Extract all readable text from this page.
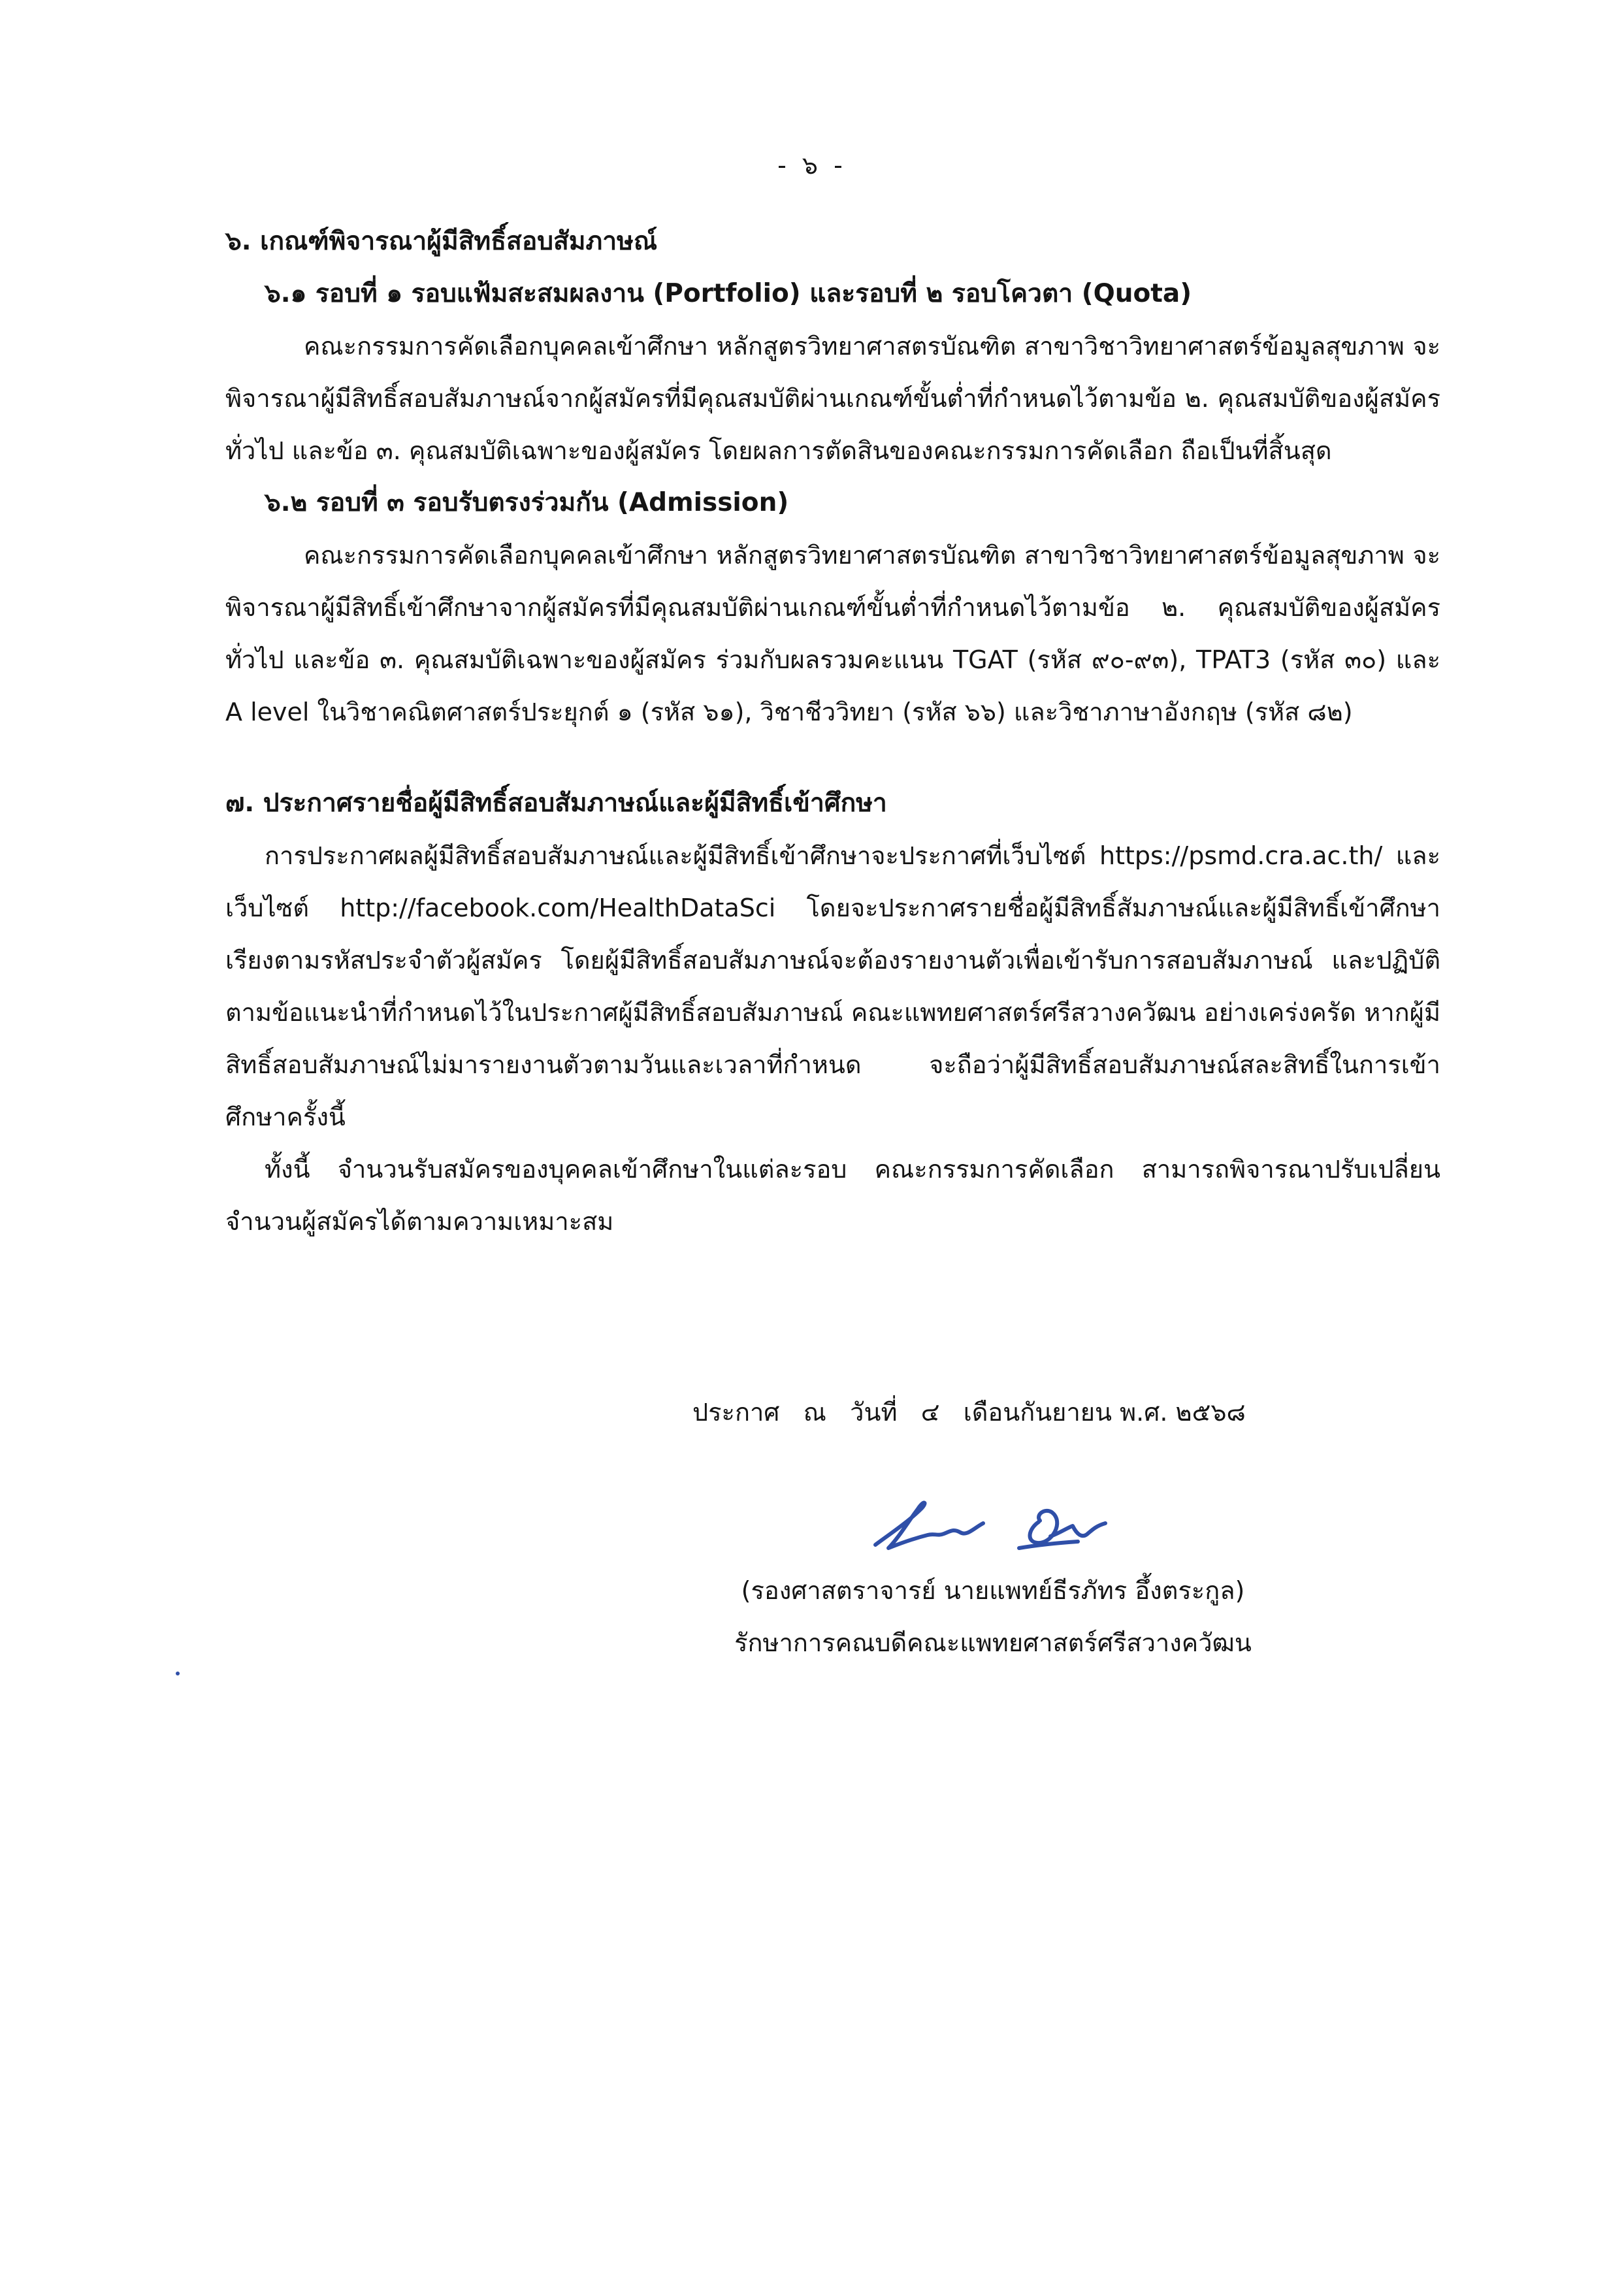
- ๖ -

๖. เกณฑ์พิจารณาผู้มีสิทธิ์สอบสัมภาษณ์

๖.๑ รอบที่ ๑ รอบแฟ้มสะสมผลงาน (Portfolio) และรอบที่ ๒ รอบโควตา (Quota)

คณะกรรมการคัดเลือกบุคคลเข้าศึกษา หลักสูตรวิทยาศาสตรบัณฑิต สาขาวิชาวิทยาศาสตร์ข้อมูลสุขภาพ จะพิจารณาผู้มีสิทธิ์สอบสัมภาษณ์จากผู้สมัครที่มีคุณสมบัติผ่านเกณฑ์ขั้นต่ำที่กำหนดไว้ตามข้อ ๒. คุณสมบัติของผู้สมัครทั่วไป และข้อ ๓. คุณสมบัติเฉพาะของผู้สมัคร โดยผลการตัดสินของคณะกรรมการคัดเลือก ถือเป็นที่สิ้นสุด

๖.๒ รอบที่ ๓ รอบรับตรงร่วมกัน (Admission)

คณะกรรมการคัดเลือกบุคคลเข้าศึกษา หลักสูตรวิทยาศาสตรบัณฑิต สาขาวิชาวิทยาศาสตร์ข้อมูลสุขภาพ จะพิจารณาผู้มีสิทธิ์เข้าศึกษาจากผู้สมัครที่มีคุณสมบัติผ่านเกณฑ์ขั้นต่ำที่กำหนดไว้ตามข้อ ๒. คุณสมบัติของผู้สมัครทั่วไป และข้อ ๓. คุณสมบัติเฉพาะของผู้สมัคร ร่วมกับผลรวมคะแนน TGAT (รหัส ๙๐-๙๓), TPAT3 (รหัส ๓๐) และ A level ในวิชาคณิตศาสตร์ประยุกต์ ๑ (รหัส ๖๑), วิชาชีววิทยา (รหัส ๖๖) และวิชาภาษาอังกฤษ (รหัส ๘๒)

๗. ประกาศรายชื่อผู้มีสิทธิ์สอบสัมภาษณ์และผู้มีสิทธิ์เข้าศึกษา

การประกาศผลผู้มีสิทธิ์สอบสัมภาษณ์และผู้มีสิทธิ์เข้าศึกษาจะประกาศที่เว็บไซต์ https://psmd.cra.ac.th/ และเว็บไซต์ http://facebook.com/HealthDataSci โดยจะประกาศรายชื่อผู้มีสิทธิ์สัมภาษณ์และผู้มีสิทธิ์เข้าศึกษาเรียงตามรหัสประจำตัวผู้สมัคร โดยผู้มีสิทธิ์สอบสัมภาษณ์จะต้องรายงานตัวเพื่อเข้ารับการสอบสัมภาษณ์ และปฏิบัติตามข้อแนะนำที่กำหนดไว้ในประกาศผู้มีสิทธิ์สอบสัมภาษณ์ คณะแพทยศาสตร์ศรีสวางควัฒน อย่างเคร่งครัด หากผู้มีสิทธิ์สอบสัมภาษณ์ไม่มารายงานตัวตามวันและเวลาที่กำหนด จะถือว่าผู้มีสิทธิ์สอบสัมภาษณ์สละสิทธิ์ในการเข้าศึกษาครั้งนี้

ทั้งนี้ จำนวนรับสมัครของบุคคลเข้าศึกษาในแต่ละรอบ คณะกรรมการคัดเลือก สามารถพิจารณาปรับเปลี่ยนจำนวนผู้สมัครได้ตามความเหมาะสม

ประกาศ   ณ   วันที่   ๔   เดือนกันยายน พ.ศ. ๒๕๖๘
(รองศาสตราจารย์ นายแพทย์ธีรภัทร อึ้งตระกูล)
รักษาการคณบดีคณะแพทยศาสตร์ศรีสวางควัฒน
